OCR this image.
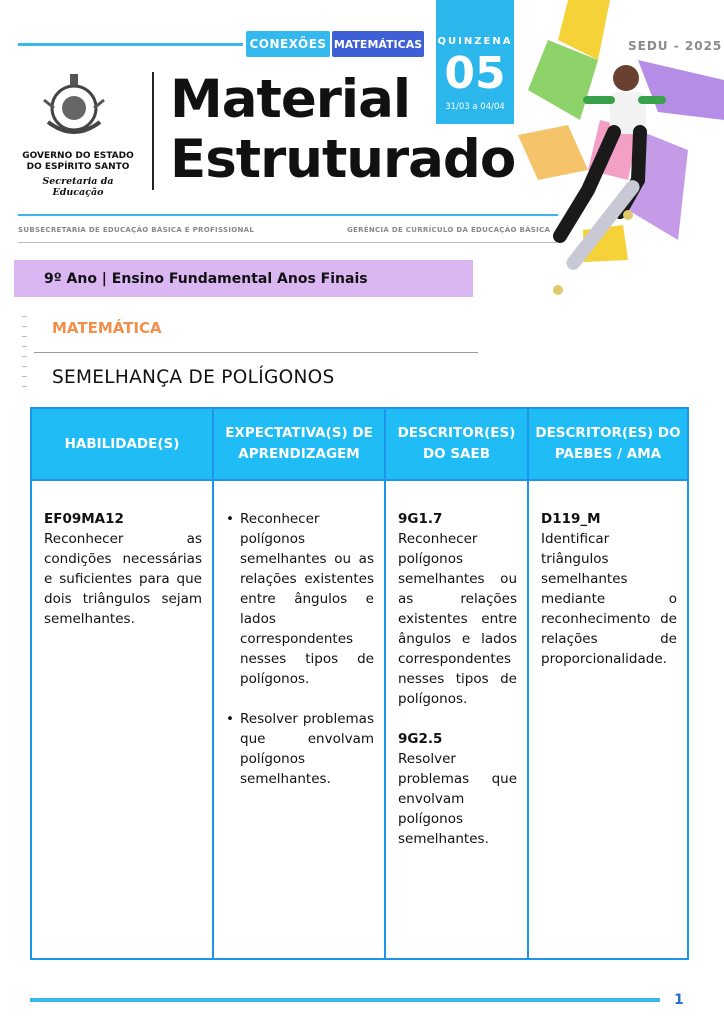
CONEXÕES MATEMÁTICAS QUINZENA
05
31/03 a 04/04
SEDU - 2025
GOVERNO DO ESTADO
DO ESPÍRITO SANTO
Secretaria da Educação
Material
Estruturado
SUBSECRETARIA DE EDUCAÇÃO BÁSICA E PROFISSIONAL	GERÊNCIA DE CURRÍCULO DA EDUCAÇÃO BÁSICA
9º Ano | Ensino Fundamental Anos Finais
MATEMÁTICA
SEMELHANÇA DE POLÍGONOS
HABILIDADE(S)
EXPECTATIVA(S) DE APRENDIZAGEM
DESCRITOR(ES) DO SAEB
DESCRITOR(ES) DO PAEBES / AMA
EF09MA12
Reconhecer as condições necessárias e suficientes para que dois triângulos sejam semelhantes.
• Reconhecer polígonos semelhantes ou as relações existentes entre ângulos e lados correspondentes nesses tipos de polígonos.
• Resolver problemas que envolvam polígonos semelhantes.
9G1.7
Reconhecer polígonos semelhantes ou as relações existentes entre ângulos e lados correspondentes nesses tipos de polígonos.
9G2.5
Resolver problemas que envolvam polígonos semelhantes.
D119_M
Identificar triângulos semelhantes mediante o reconhecimento de relações de proporcionalidade.
1
